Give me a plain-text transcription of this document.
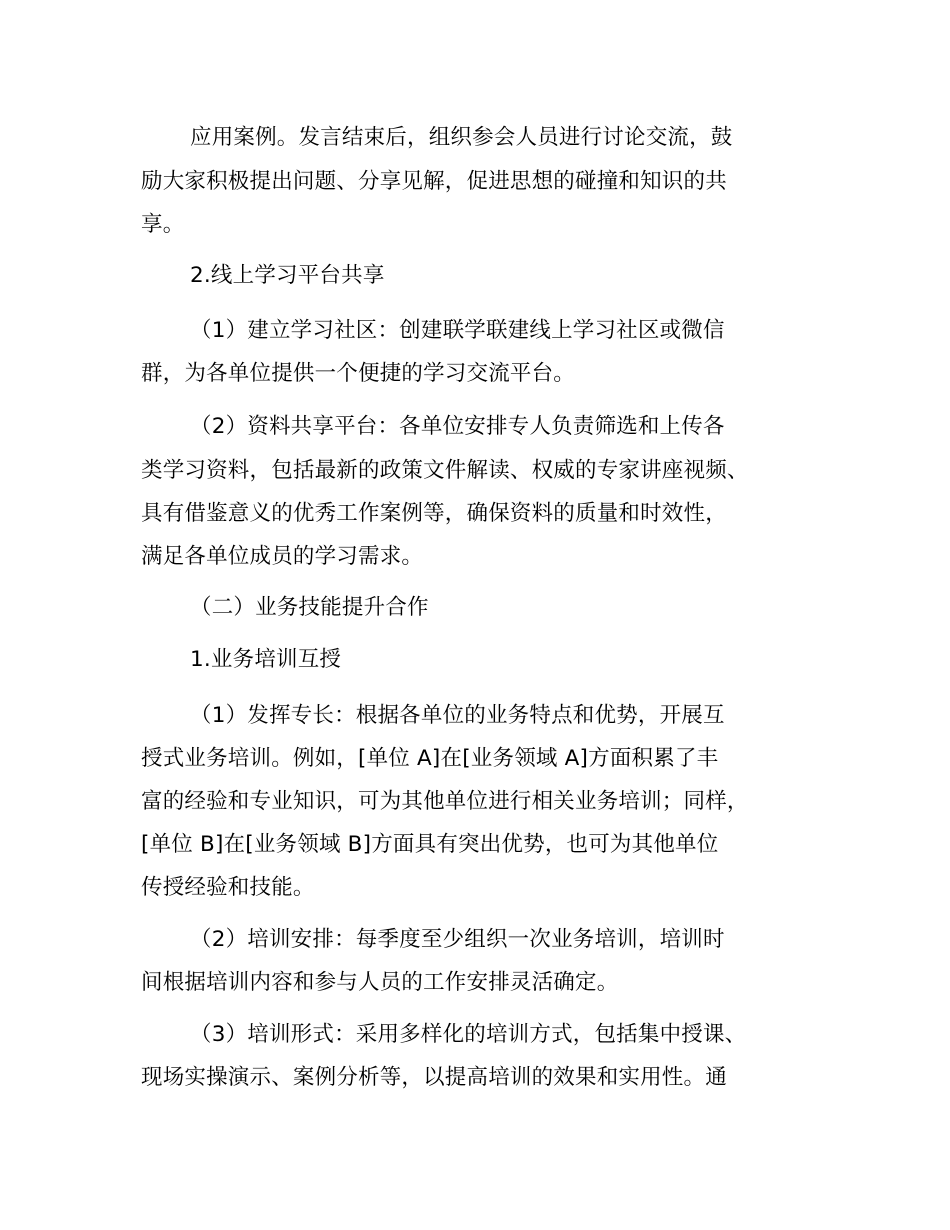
应用案例。发言结束后，组织参会人员进行讨论交流，鼓
励大家积极提出问题、分享见解，促进思想的碰撞和知识的共
享。
2.线上学习平台共享
（1）建立学习社区：创建联学联建线上学习社区或微信
群，为各单位提供一个便捷的学习交流平台。
（2）资料共享平台：各单位安排专人负责筛选和上传各
类学习资料，包括最新的政策文件解读、权威的专家讲座视频、
具有借鉴意义的优秀工作案例等，确保资料的质量和时效性，
满足各单位成员的学习需求。
（二）业务技能提升合作
1.业务培训互授
（1）发挥专长：根据各单位的业务特点和优势，开展互
授式业务培训。例如，[单位 A]在[业务领域 A]方面积累了丰
富的经验和专业知识，可为其他单位进行相关业务培训；同样，
[单位 B]在[业务领域 B]方面具有突出优势，也可为其他单位
传授经验和技能。
（2）培训安排：每季度至少组织一次业务培训，培训时
间根据培训内容和参与人员的工作安排灵活确定。
（3）培训形式：采用多样化的培训方式，包括集中授课、
现场实操演示、案例分析等，以提高培训的效果和实用性。通
